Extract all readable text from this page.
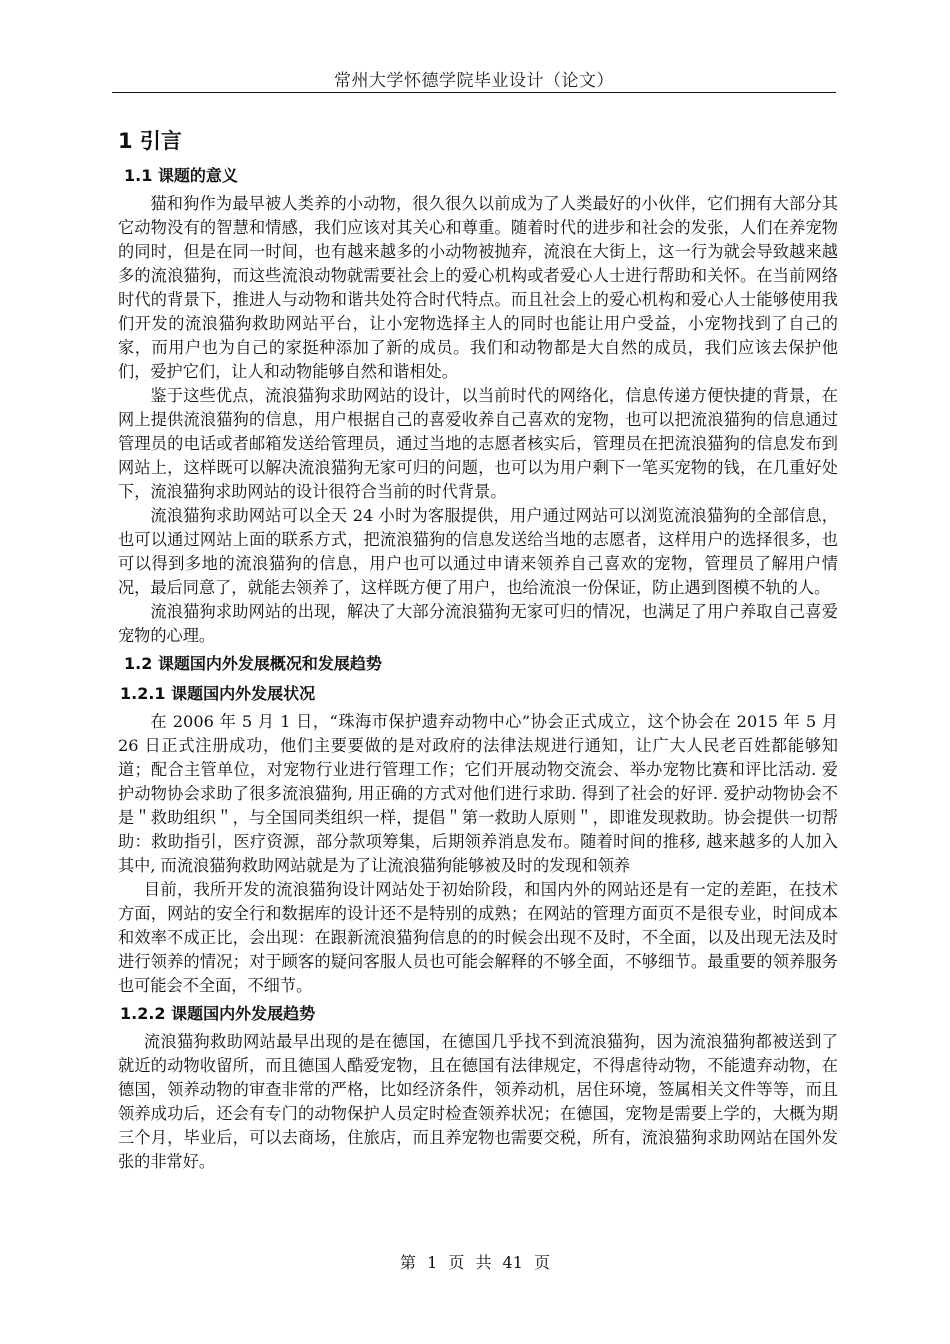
常州大学怀德学院毕业设计（论文）
1 引言
1.1 课题的意义

猫和狗作为最早被人类养的小动物，很久很久以前成为了人类最好的小伙伴，它们拥有大部分其它动物没有的智慧和情感，我们应该对其关心和尊重。随着时代的进步和社会的发张，人们在养宠物的同时，但是在同一时间，也有越来越多的小动物被抛弃，流浪在大街上，这一行为就会导致越来越多的流浪猫狗，而这些流浪动物就需要社会上的爱心机构或者爱心人士进行帮助和关怀。在当前网络时代的背景下，推进人与动物和谐共处符合时代特点。而且社会上的爱心机构和爱心人士能够使用我们开发的流浪猫狗救助网站平台，让小宠物选择主人的同时也能让用户受益，小宠物找到了自己的家，而用户也为自己的家挺种添加了新的成员。我们和动物都是大自然的成员，我们应该去保护他们，爱护它们，让人和动物能够自然和谐相处。

鉴于这些优点，流浪猫狗求助网站的设计，以当前时代的网络化，信息传递方便快捷的背景，在网上提供流浪猫狗的信息，用户根据自己的喜爱收养自己喜欢的宠物，也可以把流浪猫狗的信息通过管理员的电话或者邮箱发送给管理员，通过当地的志愿者核实后，管理员在把流浪猫狗的信息发布到网站上，这样既可以解决流浪猫狗无家可归的问题，也可以为用户剩下一笔买宠物的钱，在几重好处下，流浪猫狗求助网站的设计很符合当前的时代背景。

流浪猫狗求助网站可以全天 24 小时为客服提供，用户通过网站可以浏览流浪猫狗的全部信息，也可以通过网站上面的联系方式，把流浪猫狗的信息发送给当地的志愿者，这样用户的选择很多，也可以得到多地的流浪猫狗的信息，用户也可以通过申请来领养自己喜欢的宠物，管理员了解用户情况，最后同意了，就能去领养了，这样既方便了用户，也给流浪一份保证，防止遇到图模不轨的人。

流浪猫狗求助网站的出现，解决了大部分流浪猫狗无家可归的情况，也满足了用户养取自己喜爱宠物的心理。

1.2 课题国内外发展概况和发展趋势
1.2.1 课题国内外发展状况

在 2006 年 5 月 1 日，“珠海市保护遗弃动物中心”协会正式成立，这个协会在 2015 年 5 月 26 日正式注册成功，他们主要要做的是对政府的法律法规进行通知，让广大人民老百姓都能够知道；配合主管单位，对宠物行业进行管理工作；它们开展动物交流会、举办宠物比赛和评比活动. 爱护动物协会求助了很多流浪猫狗, 用正确的方式对他们进行求助. 得到了社会的好评. 爱护动物协会不是＂救助组织＂，与全国同类组织一样，提倡＂第一救助人原则＂，即谁发现救助。协会提供一切帮助：救助指引，医疗资源，部分款项筹集，后期领养消息发布。随着时间的推移, 越来越多的人加入其中, 而流浪猫狗救助网站就是为了让流浪猫狗能够被及时的发现和领养

目前，我所开发的流浪猫狗设计网站处于初始阶段，和国内外的网站还是有一定的差距，在技术方面，网站的安全行和数据库的设计还不是特别的成熟；在网站的管理方面页不是很专业，时间成本和效率不成正比，会出现：在跟新流浪猫狗信息的的时候会出现不及时，不全面，以及出现无法及时进行领养的情况；对于顾客的疑问客服人员也可能会解释的不够全面，不够细节。最重要的领养服务也可能会不全面，不细节。

1.2.2 课题国内外发展趋势

流浪猫狗救助网站最早出现的是在德国，在德国几乎找不到流浪猫狗，因为流浪猫狗都被送到了就近的动物收留所，而且德国人酷爱宠物，且在德国有法律规定，不得虐待动物，不能遗弃动物，在德国，领养动物的审查非常的严格，比如经济条件，领养动机，居住环境，签属相关文件等等，而且领养成功后，还会有专门的动物保护人员定时检查领养状况；在德国，宠物是需要上学的，大概为期三个月，毕业后，可以去商场，住旅店，而且养宠物也需要交税，所有，流浪猫狗求助网站在国外发张的非常好。

第 1 页 共 41 页
